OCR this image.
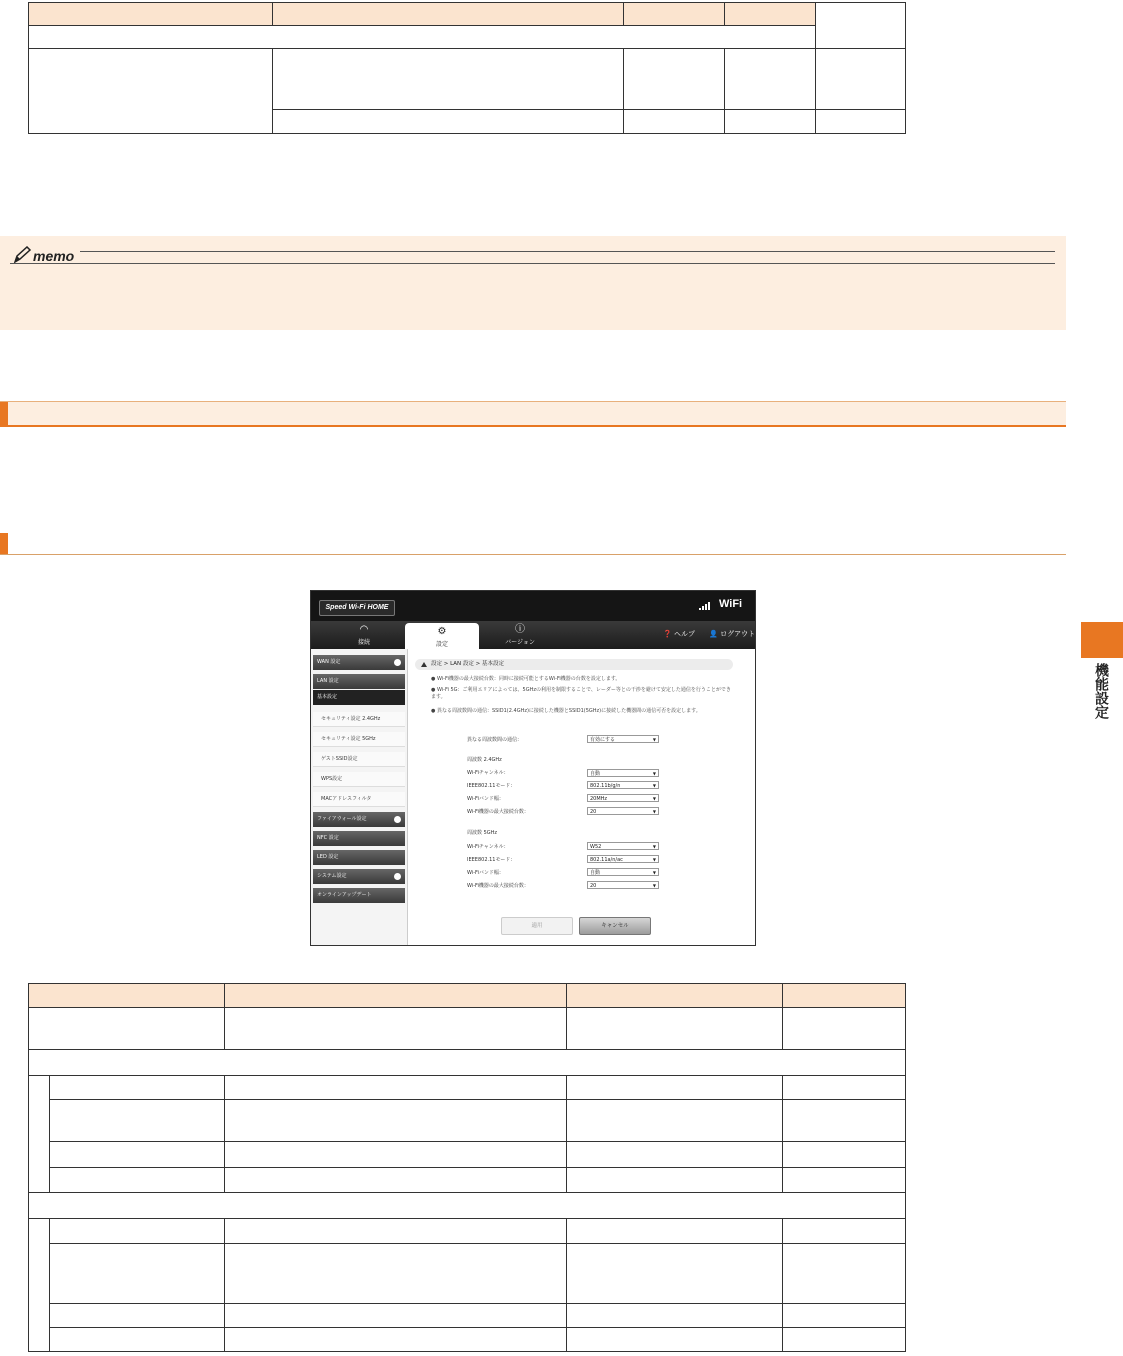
memo
機能設定
Speed Wi-Fi HOME	WiFi
◠
接続
⚙
設定
ⓘ
バージョン
❓ ヘルプ 👤 ログアウト
WAN 設定
LAN 設定
基本設定
セキュリティ設定 2.4GHz
セキュリティ設定 5GHz
ゲストSSID設定
WPS設定
MACアドレスフィルタ
ファイアウォール設定
NFC 設定
LED 設定
システム設定
オンラインアップデート
設定 > LAN 設定 > 基本設定
● Wi-Fi機器の最大接続台数：同時に接続可能とするWi-Fi機器の台数を設定します。
● Wi-Fi 5G：ご利用エリアによっては、5GHzの利用を制限することで、レーダー等との干渉を避けて安定した通信を行うことができます。
● 異なる周波数間の通信：SSID1(2.4GHz)に接続した機器とSSID1(5GHz)に接続した機器間の通信可否を設定します。
異なる周波数間の通信：	有効にする	▼
周波数 2.4GHz
Wi-Fiチャンネル：	自動	▼
IEEE802.11モード：	802.11b/g/n	▼
Wi-Fiバンド幅：	20MHz	▼
Wi-Fi機器の最大接続台数：	20	▼
周波数 5GHz
Wi-Fiチャンネル：	W52	▼
IEEE802.11モード：	802.11a/n/ac	▼
Wi-Fiバンド幅：	自動	▼
Wi-Fi機器の最大接続台数：	20	▼
適用	キャンセル
